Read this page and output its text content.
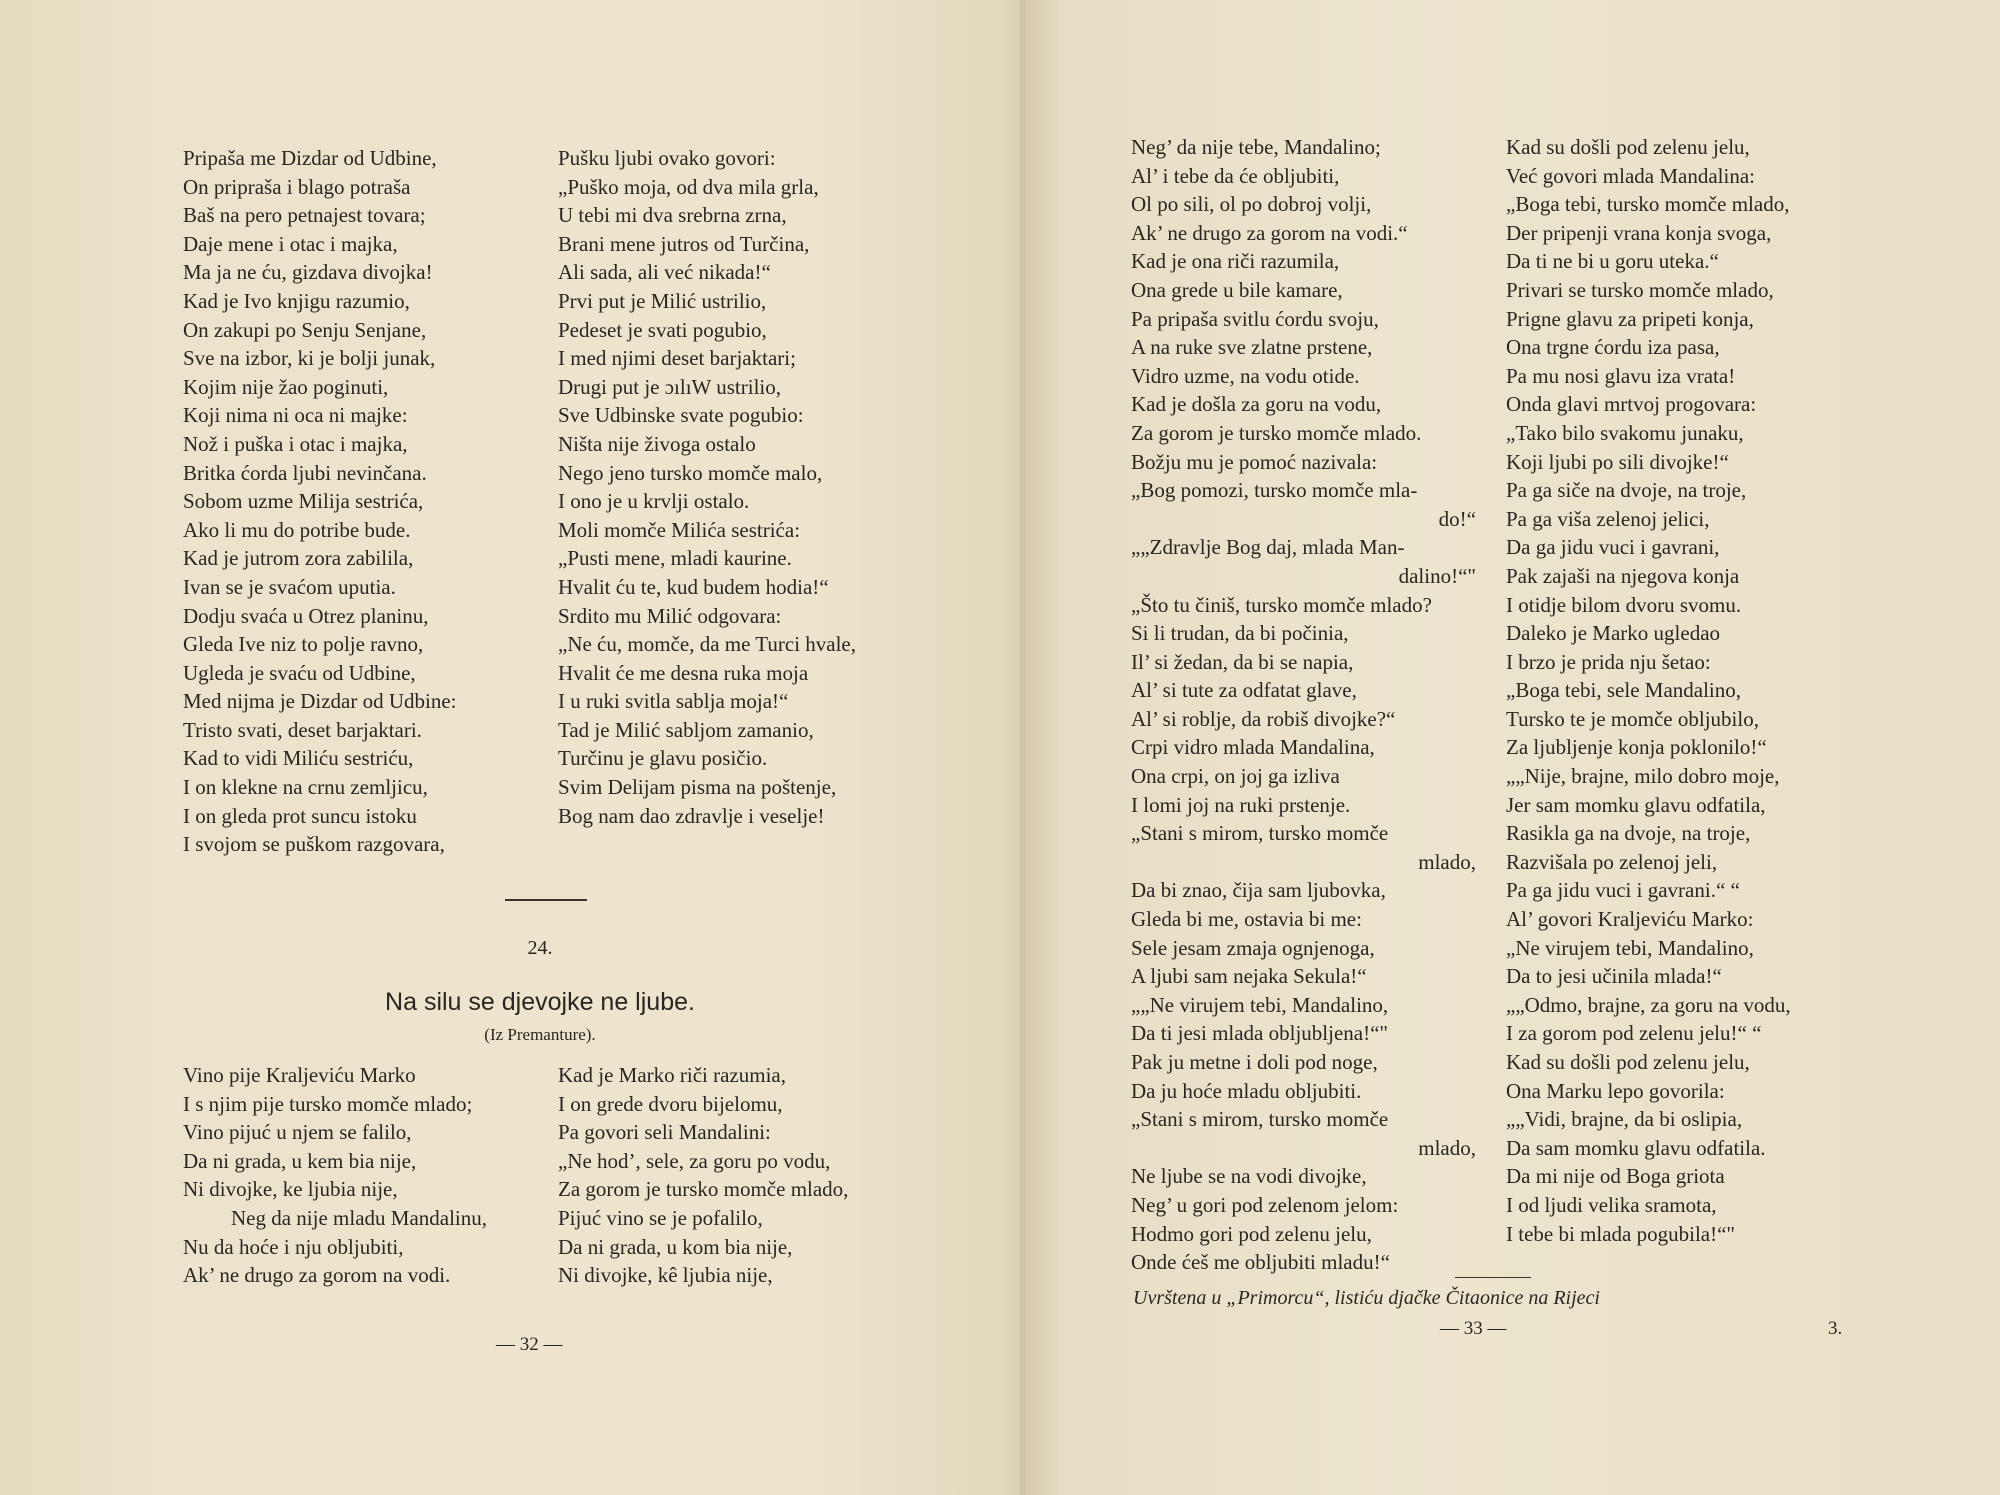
Pripaša me Dizdar od Udbine,
On pripraša i blago potraša
Baš na pero petnajest tovara;
Daje mene i otac i majka,
Ma ja ne ću, gizdava divojka!
Kad je Ivo knjigu razumio,
On zakupi po Senju Senjane,
Sve na izbor, ki je bolji junak,
Kojim nije žao poginuti,
Koji nima ni oca ni majke:
Nož i puška i otac i majka,
Britka ćorda ljubi nevinčana.
Sobom uzme Milija sestrića,
Ako li mu do potribe bude.
Kad je jutrom zora zabilila,
Ivan se je svaćom uputia.
Dodju svaća u Otrez planinu,
Gleda Ive niz to polje ravno,
Ugleda je svaću od Udbine,
Med nijma je Dizdar od Udbine:
Tristo svati, deset barjaktari.
Kad to vidi Miliću sestriću,
I on klekne na crnu zemljicu,
I on gleda prot suncu istoku
I svojom se puškom razgovara,
Pušku ljubi ovako govori:
„Puško moja, od dva mila grla,
U tebi mi dva srebrna zrna,
Brani mene jutros od Turčina,
Ali sada, ali već nikada!“
Prvi put je Milić ustrilio,
Pedeset je svati pogubio,
I med njimi deset barjaktari;
Drugi put je ɔılıW ustrilio,
Sve Udbinske svate pogubio:
Ništa nije živoga ostalo
Nego jeno tursko momče malo,
I ono je u krvlji ostalo.
Moli momče Milića sestrića:
„Pusti mene, mladi kaurine.
Hvalit ću te, kud budem hodia!“
Srdito mu Milić odgovara:
„Ne ću, momče, da me Turci hvale,
Hvalit će me desna ruka moja
I u ruki svitla sablja moja!“
Tad je Milić sabljom zamanio,
Turčinu je glavu posičio.
Svim Delijam pisma na poštenje,
Bog nam dao zdravlje i veselje!
24.
Na silu se djevojke ne ljube.
(Iz Premanture).
Vino pije Kraljeviću Marko
I s njim pije tursko momče mlado;
Vino pijuć u njem se falilo,
Da ni grada, u kem bia nije,
Ni divojke, ke ljubia nije,
Neg da nije mladu Mandalinu,
Nu da hoće i nju obljubiti,
Ak’ ne drugo za gorom na vodi.
Kad je Marko riči razumia,
I on grede dvoru bijelomu,
Pa govori seli Mandalini:
„Ne hod’, sele, za goru po vodu,
Za gorom je tursko momče mlado,
Pijuć vino se je pofalilo,
Da ni grada, u kom bia nije,
Ni divojke, kê ljubia nije,
— 32 —
Neg’ da nije tebe, Mandalino;
Al’ i tebe da će obljubiti,
Ol po sili, ol po dobroj volji,
Ak’ ne drugo za gorom na vodi.“
Kad je ona riči razumila,
Ona grede u bile kamare,
Pa pripaša svitlu ćordu svoju,
A na ruke sve zlatne prstene,
Vidro uzme, na vodu otide.
Kad je došla za goru na vodu,
Za gorom je tursko momče mlado.
Božju mu je pomoć nazivala:
„Bog pomozi, tursko momče mla-
do!“
„„Zdravlje Bog daj, mlada Man-
dalino!“"
„Što tu činiš, tursko momče mlado?
Si li trudan, da bi počinia,
Il’ si žedan, da bi se napia,
Al’ si tute za odfatat glave,
Al’ si roblje, da robiš divojke?“
Crpi vidro mlada Mandalina,
Ona crpi, on joj ga izliva
I lomi joj na ruki prstenje.
„Stani s mirom, tursko momče
mlado,
Da bi znao, čija sam ljubovka,
Gleda bi me, ostavia bi me:
Sele jesam zmaja ognjenoga,
A ljubi sam nejaka Sekula!“
„„Ne virujem tebi, Mandalino,
Da ti jesi mlada obljubljena!“"
Pak ju metne i doli pod noge,
Da ju hoće mladu obljubiti.
„Stani s mirom, tursko momče
mlado,
Ne ljube se na vodi divojke,
Neg’ u gori pod zelenom jelom:
Hodmo gori pod zelenu jelu,
Onde ćeš me obljubiti mladu!“
Kad su došli pod zelenu jelu,
Već govori mlada Mandalina:
„Boga tebi, tursko momče mlado,
Der pripenji vrana konja svoga,
Da ti ne bi u goru uteka.“
Privari se tursko momče mlado,
Prigne glavu za pripeti konja,
Ona trgne ćordu iza pasa,
Pa mu nosi glavu iza vrata!
Onda glavi mrtvoj progovara:
„Tako bilo svakomu junaku,
Koji ljubi po sili divojke!“
Pa ga siče na dvoje, na troje,
Pa ga viša zelenoj jelici,
Da ga jidu vuci i gavrani,
Pak zajaši na njegova konja
I otidje bilom dvoru svomu.
Daleko je Marko ugledao
I brzo je prida nju šetao:
„Boga tebi, sele Mandalino,
Tursko te je momče obljubilo,
Za ljubljenje konja poklonilo!“
„„Nije, brajne, milo dobro moje,
Jer sam momku glavu odfatila,
Rasikla ga na dvoje, na troje,
Razvišala po zelenoj jeli,
Pa ga jidu vuci i gavrani.“ “
Al’ govori Kraljeviću Marko:
„Ne virujem tebi, Mandalino,
Da to jesi učinila mlada!“
„„Odmo, brajne, za goru na vodu,
I za gorom pod zelenu jelu!“ “
Kad su došli pod zelenu jelu,
Ona Marku lepo govorila:
„„Vidi, brajne, da bi oslipia,
Da sam momku glavu odfatila.
Da mi nije od Boga griota
I od ljudi velika sramota,
I tebe bi mlada pogubila!“"
Uvrštena u „Primorcu“, listiću djačke Čitaonice na Rijeci
— 33 —	3.
